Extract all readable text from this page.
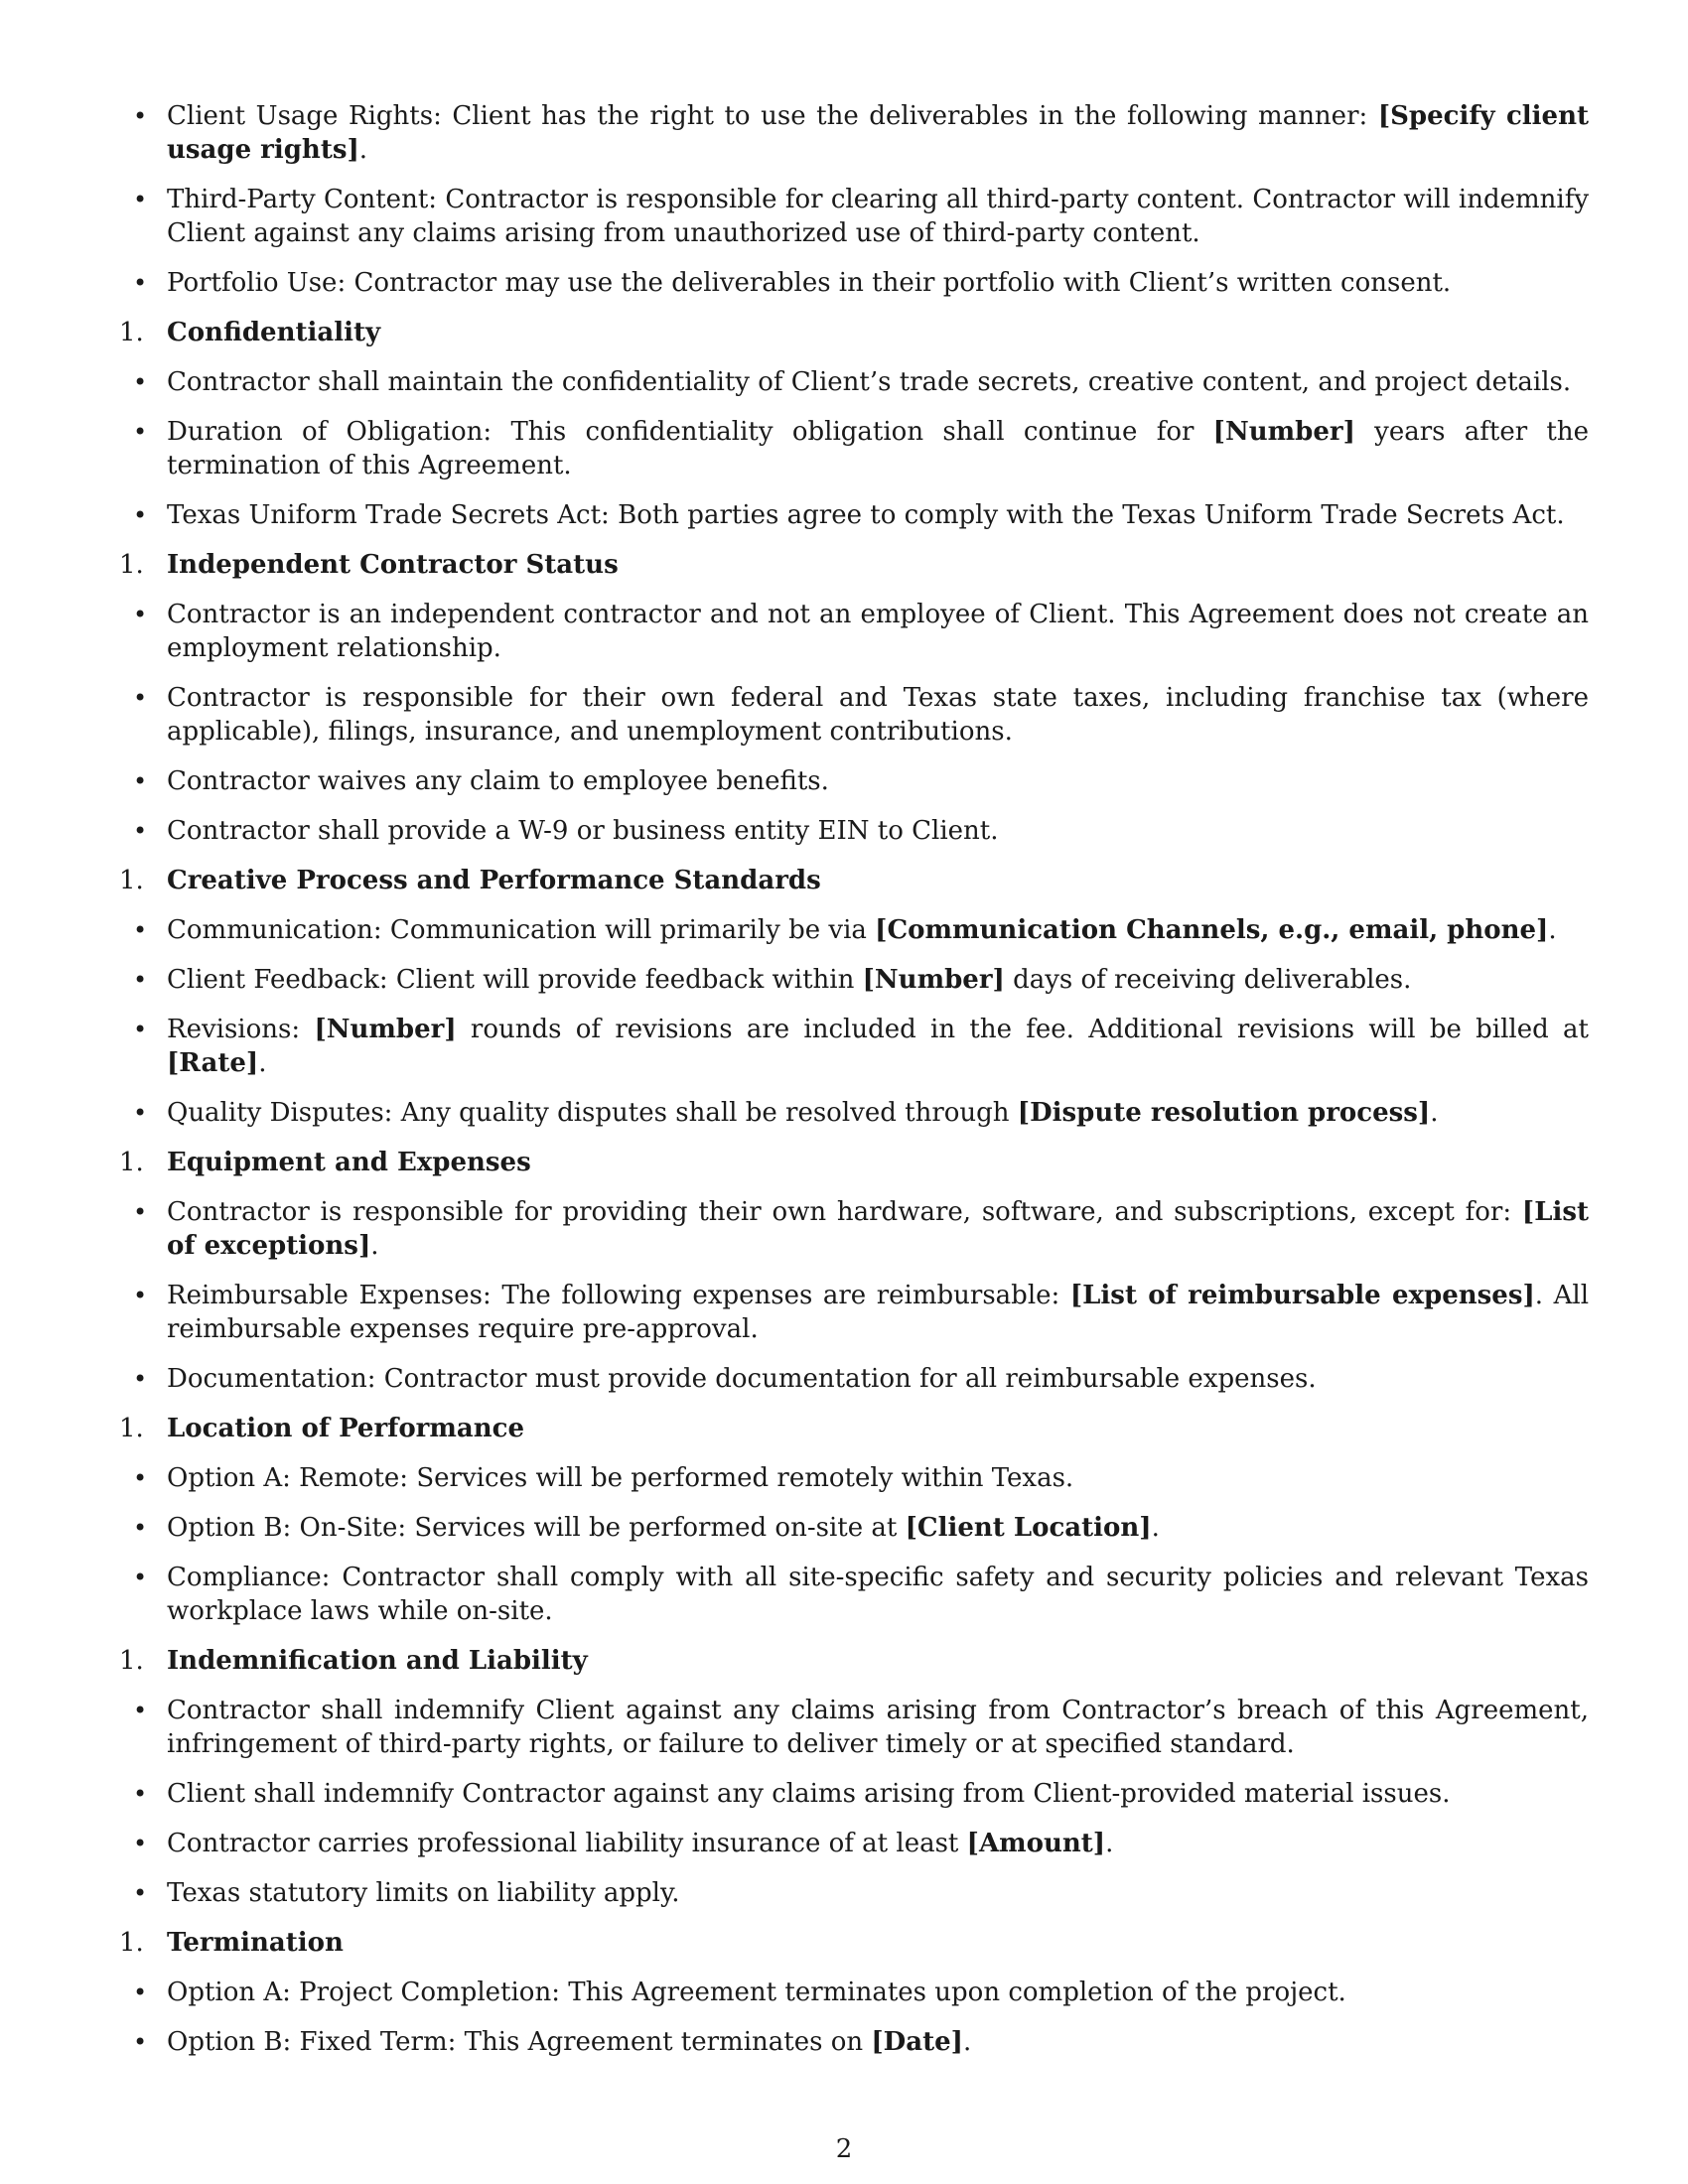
• Client Usage Rights: Client has the right to use the deliverables in the following manner: [Specify client usage rights].
• Third-Party Content: Contractor is responsible for clearing all third-party content. Contractor will indemnify Client against any claims arising from unauthorized use of third-party content.
• Portfolio Use: Contractor may use the deliverables in their portfolio with Client’s written consent.
1. Confidentiality
• Contractor shall maintain the confidentiality of Client’s trade secrets, creative content, and project details.
• Duration of Obligation: This confidentiality obligation shall continue for [Number] years after the termination of this Agreement.
• Texas Uniform Trade Secrets Act: Both parties agree to comply with the Texas Uniform Trade Secrets Act.
1. Independent Contractor Status
• Contractor is an independent contractor and not an employee of Client. This Agreement does not create an employment relationship.
• Contractor is responsible for their own federal and Texas state taxes, including franchise tax (where applicable), filings, insurance, and unemployment contributions.
• Contractor waives any claim to employee benefits.
• Contractor shall provide a W-9 or business entity EIN to Client.
1. Creative Process and Performance Standards
• Communication: Communication will primarily be via [Communication Channels, e.g., email, phone].
• Client Feedback: Client will provide feedback within [Number] days of receiving deliverables.
• Revisions: [Number] rounds of revisions are included in the fee. Additional revisions will be billed at [Rate].
• Quality Disputes: Any quality disputes shall be resolved through [Dispute resolution process].
1. Equipment and Expenses
• Contractor is responsible for providing their own hardware, software, and subscriptions, except for: [List of exceptions].
• Reimbursable Expenses: The following expenses are reimbursable: [List of reimbursable expenses]. All reimbursable expenses require pre-approval.
• Documentation: Contractor must provide documentation for all reimbursable expenses.
1. Location of Performance
• Option A: Remote: Services will be performed remotely within Texas.
• Option B: On-Site: Services will be performed on-site at [Client Location].
• Compliance: Contractor shall comply with all site-specific safety and security policies and relevant Texas workplace laws while on-site.
1. Indemnification and Liability
• Contractor shall indemnify Client against any claims arising from Contractor’s breach of this Agreement, infringement of third-party rights, or failure to deliver timely or at specified standard.
• Client shall indemnify Contractor against any claims arising from Client-provided material issues.
• Contractor carries professional liability insurance of at least [Amount].
• Texas statutory limits on liability apply.
1. Termination
• Option A: Project Completion: This Agreement terminates upon completion of the project.
• Option B: Fixed Term: This Agreement terminates on [Date].
2
